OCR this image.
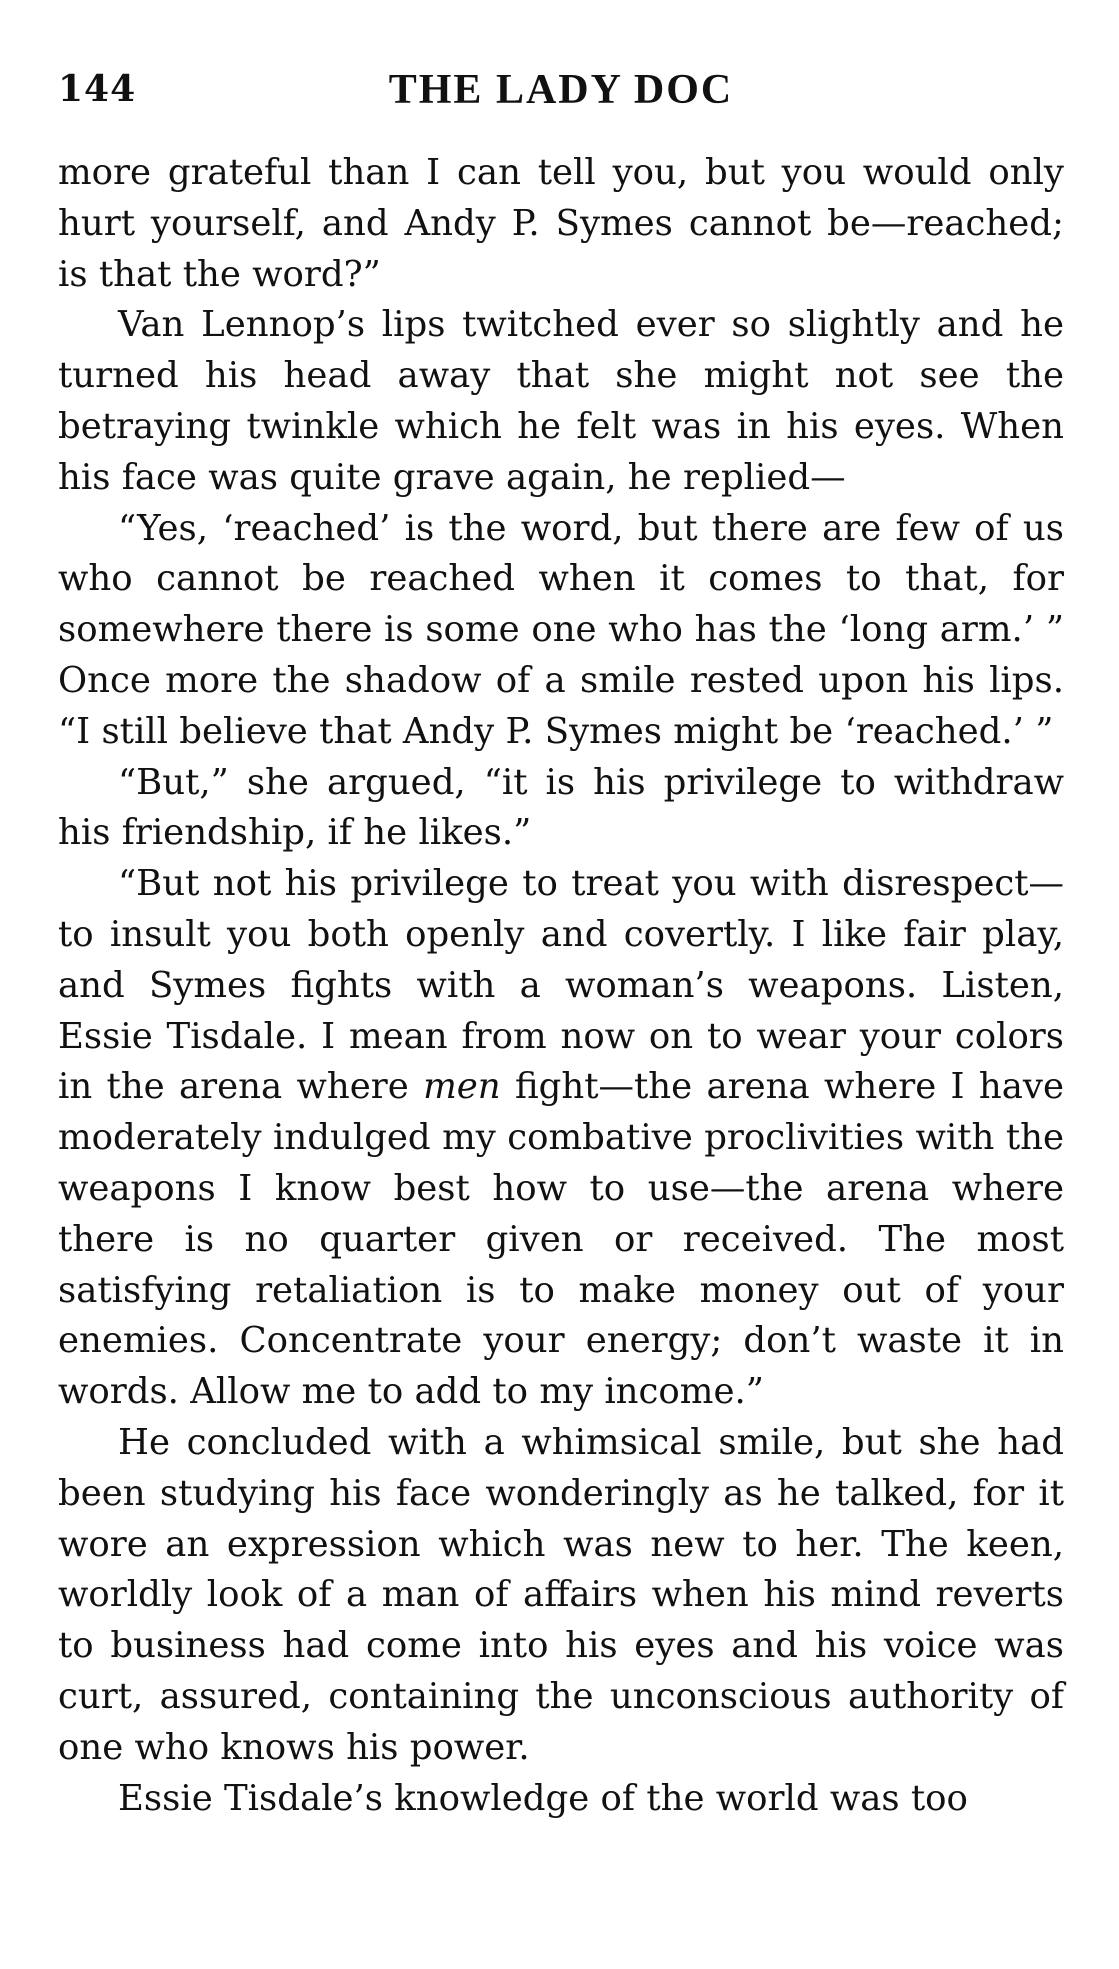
144	THE LADY DOC

more grateful than I can tell you, but you would only hurt yourself, and Andy P. Symes cannot be—reached; is that the word?”

Van Lennop’s lips twitched ever so slightly and he turned his head away that she might not see the betraying twinkle which he felt was in his eyes. When his face was quite grave again, he replied—

“Yes, ‘reached’ is the word, but there are few of us who cannot be reached when it comes to that, for somewhere there is some one who has the ‘long arm.’ ” Once more the shadow of a smile rested upon his lips. “I still believe that Andy P. Symes might be ‘reached.’ ”

“But,” she argued, “it is his privilege to withdraw his friendship, if he likes.”

“But not his privilege to treat you with disrespect—to insult you both openly and covertly. I like fair play, and Symes fights with a woman’s weapons. Listen, Essie Tisdale. I mean from now on to wear your colors in the arena where men fight—the arena where I have moderately indulged my combative proclivities with the weapons I know best how to use—the arena where there is no quarter given or received. The most satisfying retaliation is to make money out of your enemies. Concentrate your energy; don’t waste it in words. Allow me to add to my income.”

He concluded with a whimsical smile, but she had been studying his face wonderingly as he talked, for it wore an expression which was new to her. The keen, worldly look of a man of affairs when his mind reverts to business had come into his eyes and his voice was curt, assured, containing the unconscious authority of one who knows his power.

Essie Tisdale’s knowledge of the world was too
